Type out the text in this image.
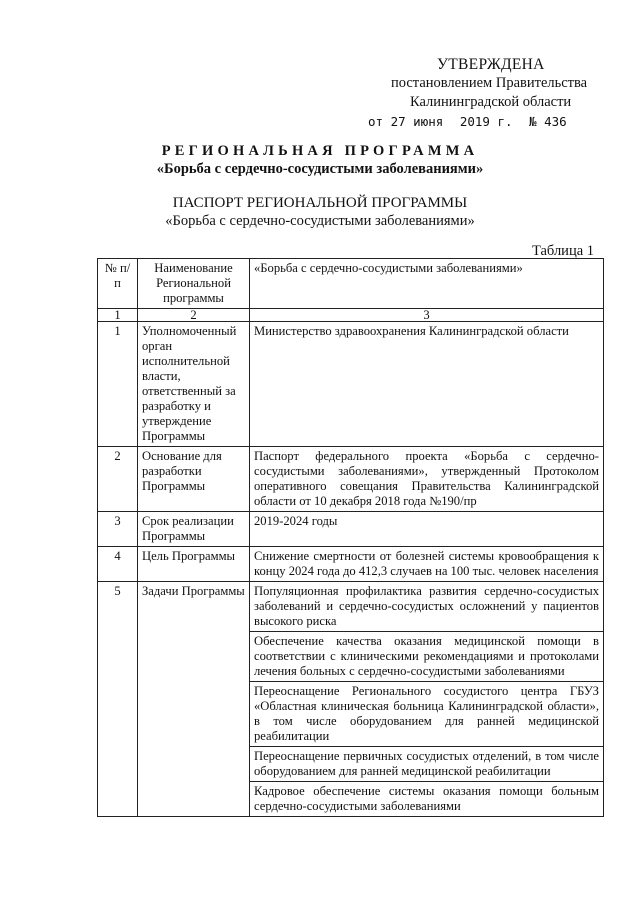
УТВЕРЖДЕНА
постановлением Правительства
Калининградской области
от 27 июня 2019 г. № 436
РЕГИОНАЛЬНАЯ ПРОГРАММА
«Борьба с сердечно-сосудистыми заболеваниями»
ПАСПОРТ РЕГИОНАЛЬНОЙ ПРОГРАММЫ
«Борьба с сердечно-сосудистыми заболеваниями»
Таблица 1
№ п/п	Наименование Региональной программы	«Борьба с сердечно-сосудистыми заболеваниями»
1	2	3
1	Уполномоченный орган исполнительной власти, ответственный за разработку и утверждение Программы	Министерство здравоохранения Калининградской области
2	Основание для разработки Программы	Паспорт федерального проекта «Борьба с сердечно-сосудистыми заболеваниями», утвержденный Протоколом оперативного совещания Правительства Калининградской области от 10 декабря 2018 года №190/пр
3	Срок реализации Программы	2019-2024 годы
4	Цель Программы	Снижение смертности от болезней системы кровообращения к концу 2024 года до 412,3 случаев на 100 тыс. человек населения
5	Задачи Программы	Популяционная профилактика развития сердечно-сосудистых заболеваний и сердечно-сосудистых осложнений у пациентов высокого риска
		Обеспечение качества оказания медицинской помощи в соответствии с клиническими рекомендациями и протоколами лечения больных с сердечно-сосудистыми заболеваниями
		Переоснащение Регионального сосудистого центра ГБУЗ «Областная клиническая больница Калининградской области», в том числе оборудованием для ранней медицинской реабилитации
		Переоснащение первичных сосудистых отделений, в том числе оборудованием для ранней медицинской реабилитации
		Кадровое обеспечение системы оказания помощи больным сердечно-сосудистыми заболеваниями
